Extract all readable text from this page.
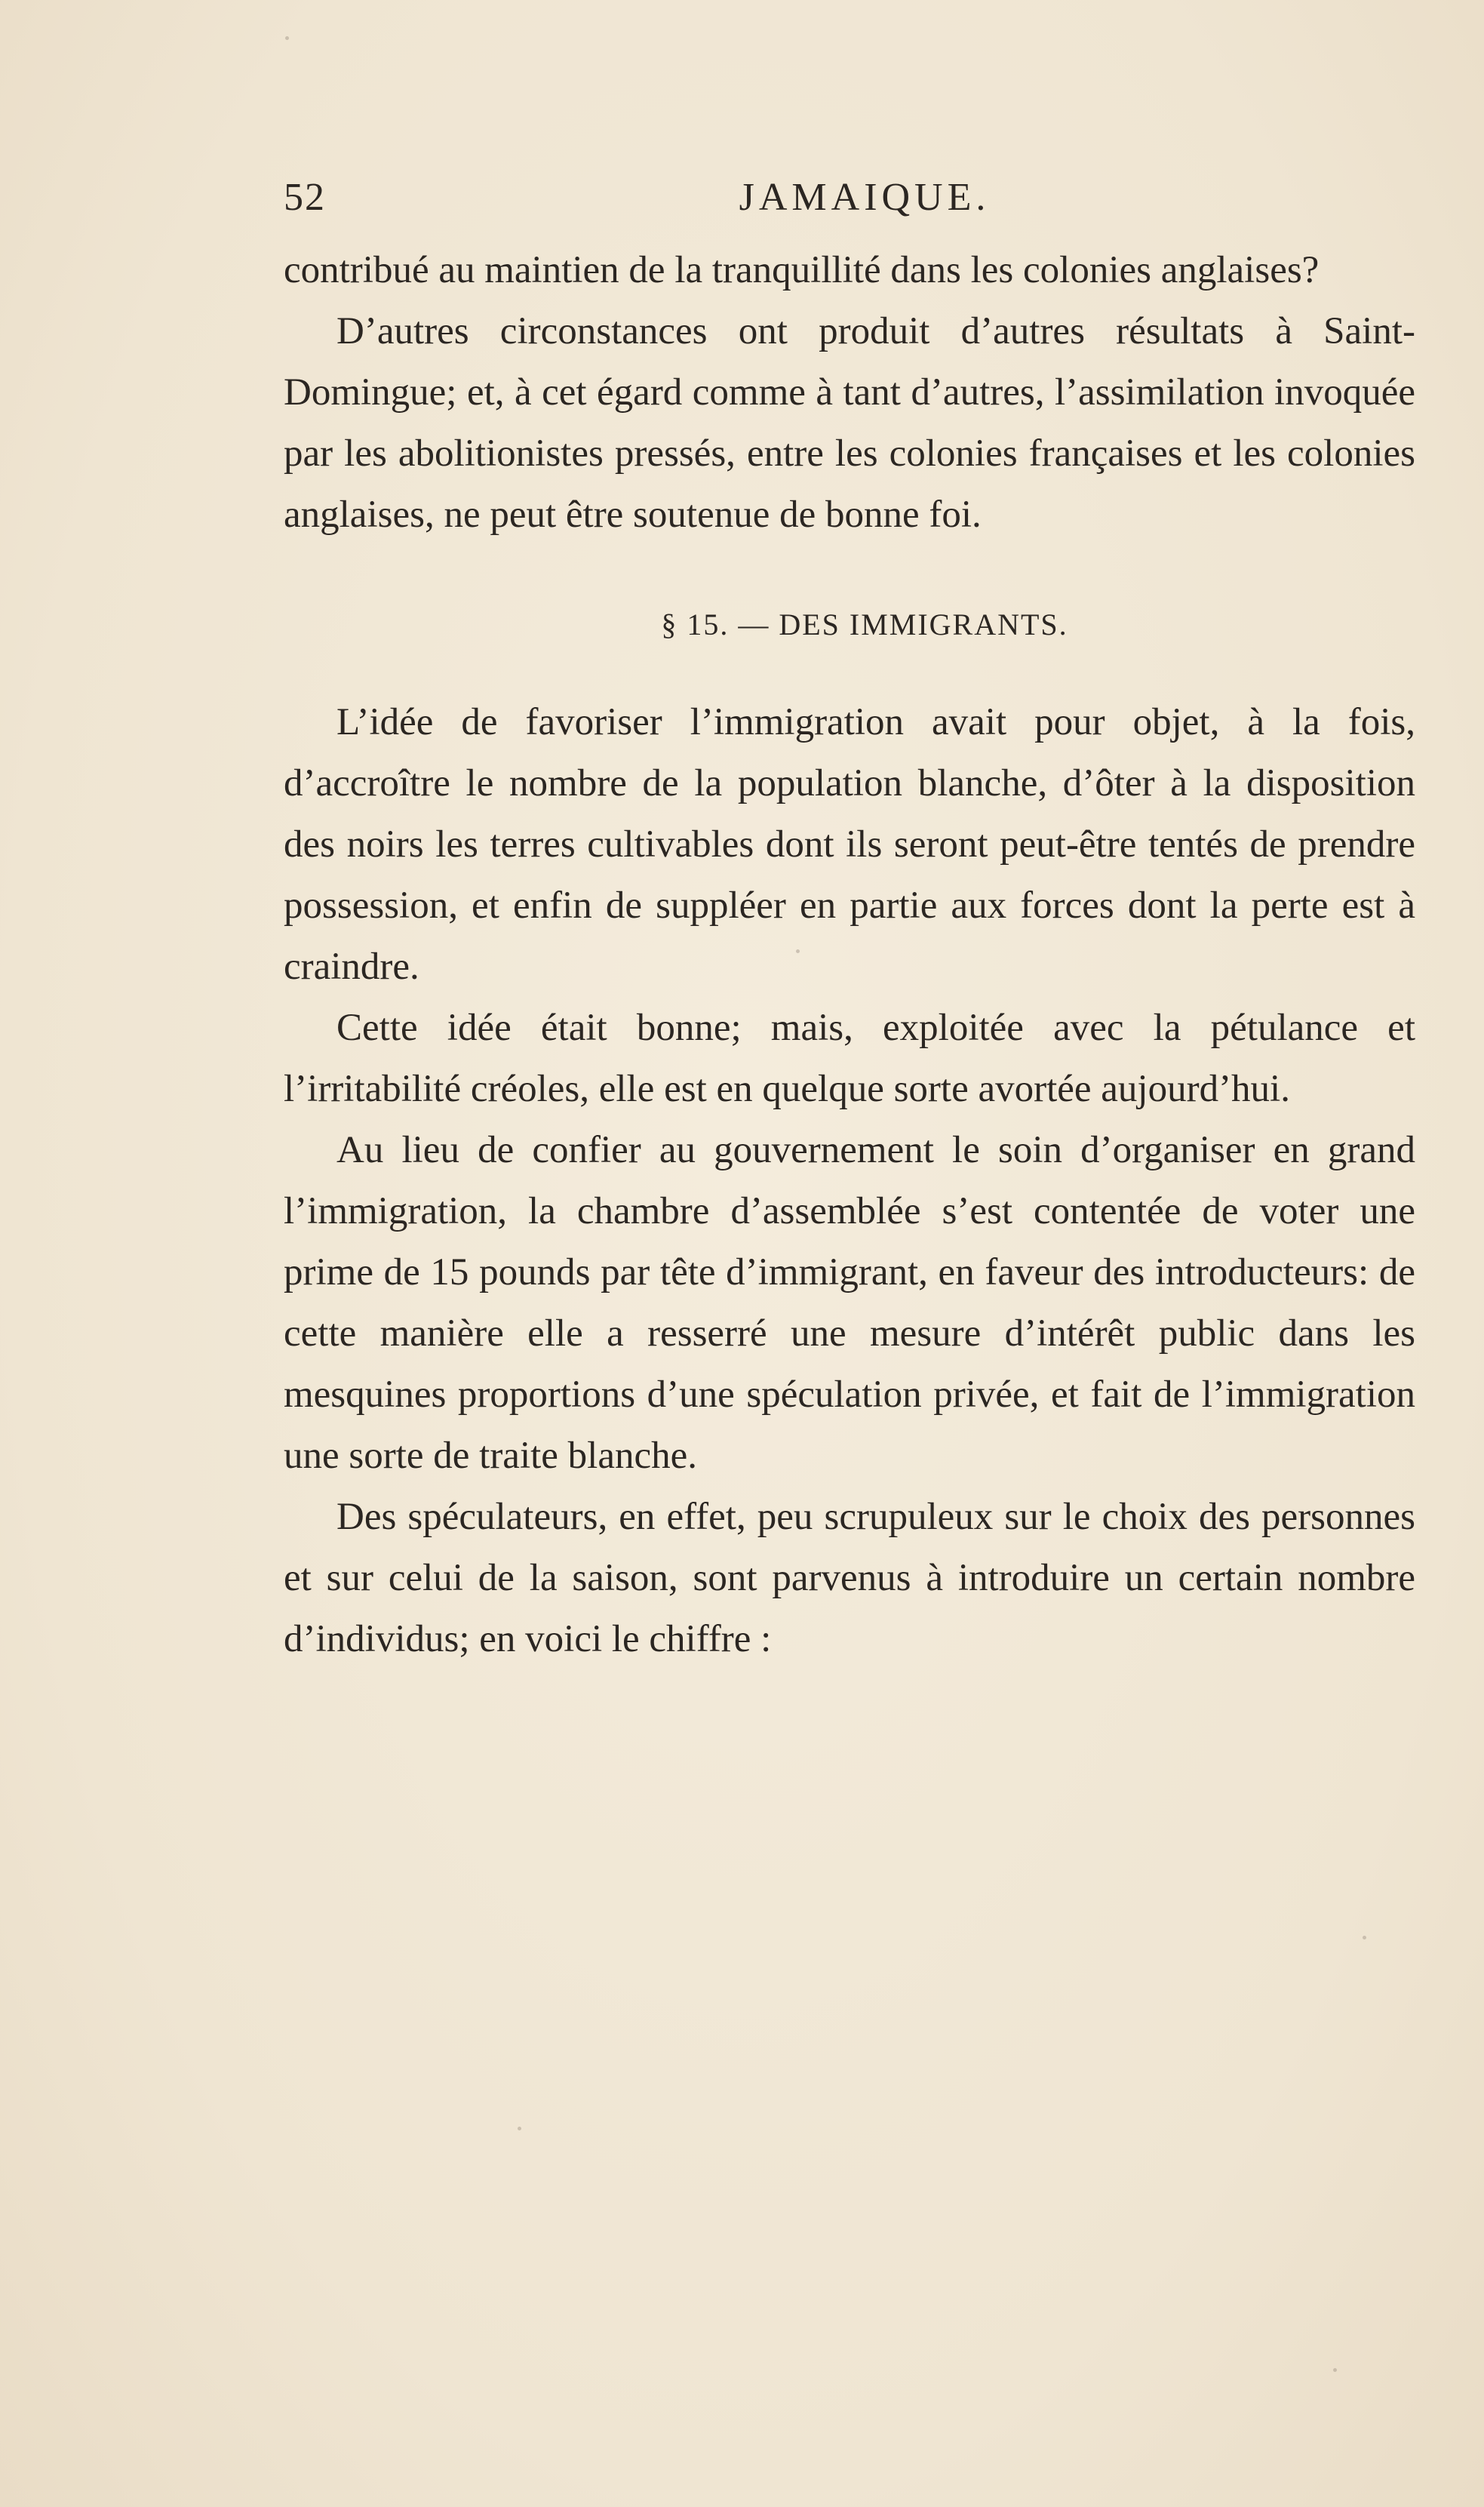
52	JAMAIQUE.

contribué au maintien de la tranquillité dans les colonies anglaises?

D’autres circonstances ont produit d’autres résultats à Saint-Domingue; et, à cet égard comme à tant d’autres, l’assimilation invoquée par les abolitionistes pressés, entre les colonies françaises et les colonies anglaises, ne peut être soutenue de bonne foi.

§ 15. — DES IMMIGRANTS.

L’idée de favoriser l’immigration avait pour objet, à la fois, d’accroître le nombre de la population blanche, d’ôter à la disposition des noirs les terres cultivables dont ils seront peut-être tentés de prendre possession, et enfin de suppléer en partie aux forces dont la perte est à craindre.

Cette idée était bonne; mais, exploitée avec la pétulance et l’irritabilité créoles, elle est en quelque sorte avortée aujourd’hui.

Au lieu de confier au gouvernement le soin d’organiser en grand l’immigration, la chambre d’assemblée s’est contentée de voter une prime de 15 pounds par tête d’immigrant, en faveur des introducteurs: de cette manière elle a resserré une mesure d’intérêt public dans les mesquines proportions d’une spéculation privée, et fait de l’immigration une sorte de traite blanche.

Des spéculateurs, en effet, peu scrupuleux sur le choix des personnes et sur celui de la saison, sont parvenus à introduire un certain nombre d’individus; en voici le chiffre :
